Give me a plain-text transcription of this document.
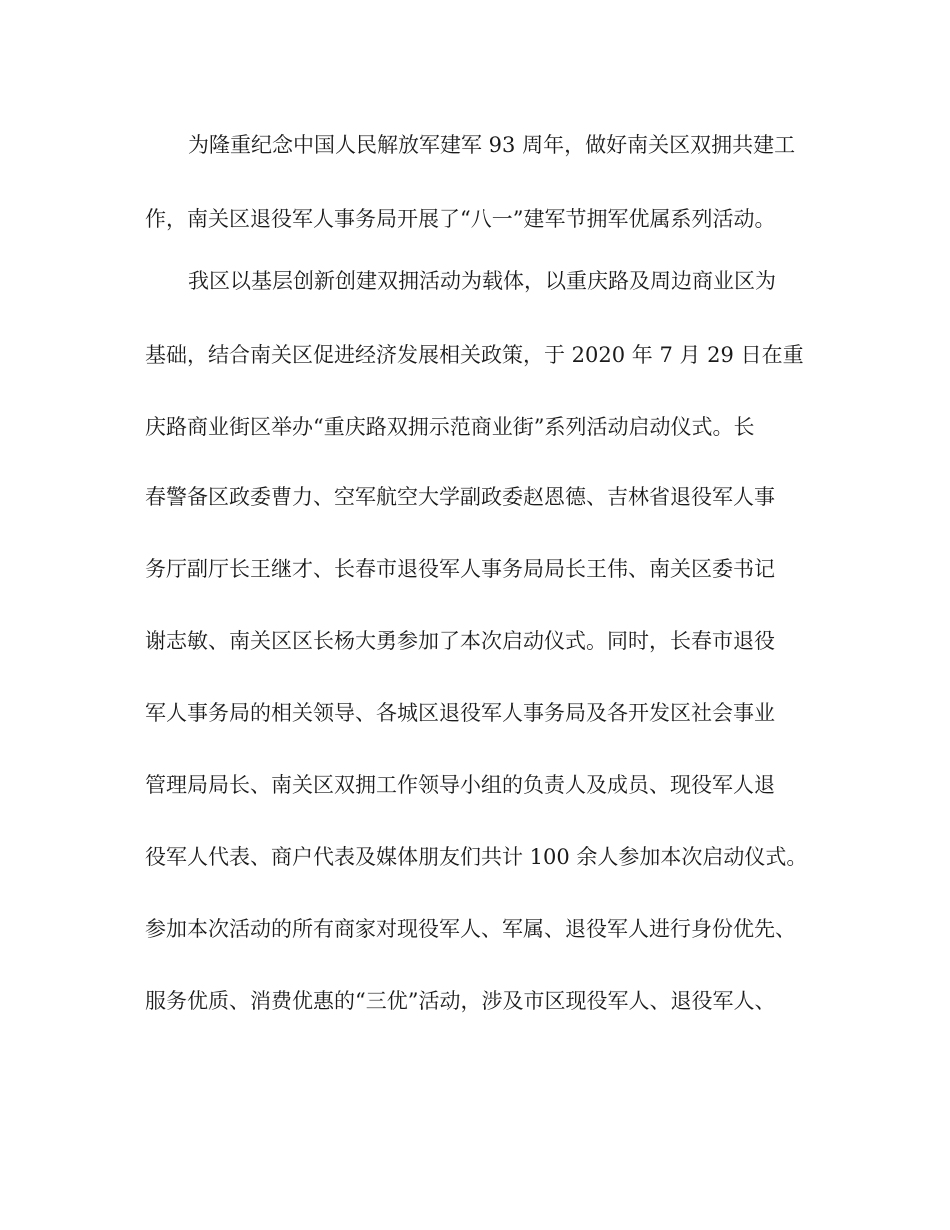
为隆重纪念中国人民解放军建军 93 周年，做好南关区双拥共建工
作，南关区退役军人事务局开展了“八一”建军节拥军优属系列活动。
我区以基层创新创建双拥活动为载体，以重庆路及周边商业区为
基础，结合南关区促进经济发展相关政策，于 2020 年 7 月 29 日在重
庆路商业街区举办“重庆路双拥示范商业街”系列活动启动仪式。长
春警备区政委曹力、空军航空大学副政委赵恩德、吉林省退役军人事
务厅副厅长王继才、长春市退役军人事务局局长王伟、南关区委书记
谢志敏、南关区区长杨大勇参加了本次启动仪式。同时，长春市退役
军人事务局的相关领导、各城区退役军人事务局及各开发区社会事业
管理局局长、南关区双拥工作领导小组的负责人及成员、现役军人退
役军人代表、商户代表及媒体朋友们共计 100 余人参加本次启动仪式。
参加本次活动的所有商家对现役军人、军属、退役军人进行身份优先、
服务优质、消费优惠的“三优”活动，涉及市区现役军人、退役军人、
